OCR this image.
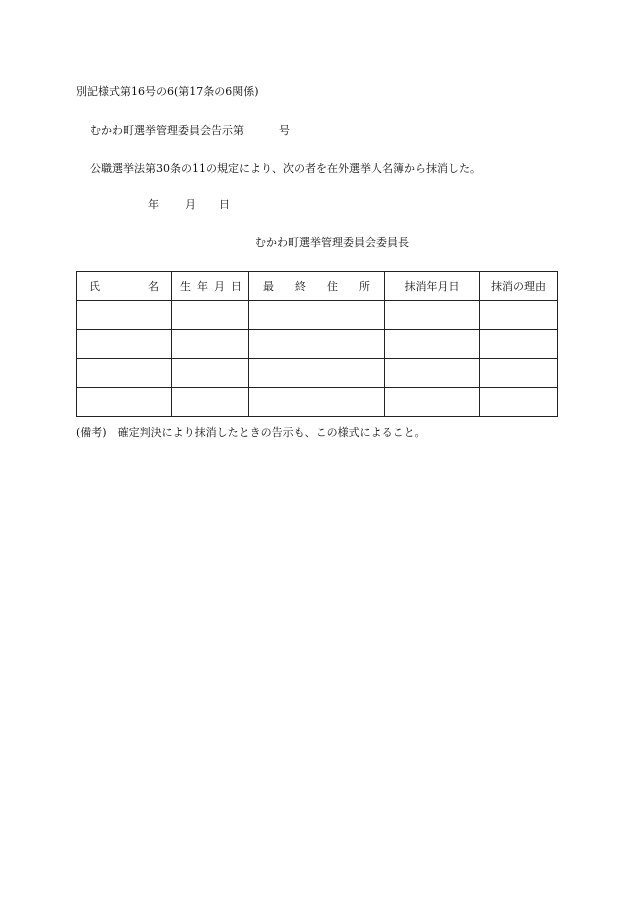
別記様式第16号の6(第17条の6関係)
むかわ町選挙管理委員会告示第	号
公職選挙法第30条の11の規定により、次の者を在外選挙人名簿から抹消した。
年 月 日
むかわ町選挙管理委員会委員長
氏 名	生 年 月 日	最 終 住 所	抹消年月日	抹消の理由

(備考)　確定判決により抹消したときの告示も、この様式によること。
